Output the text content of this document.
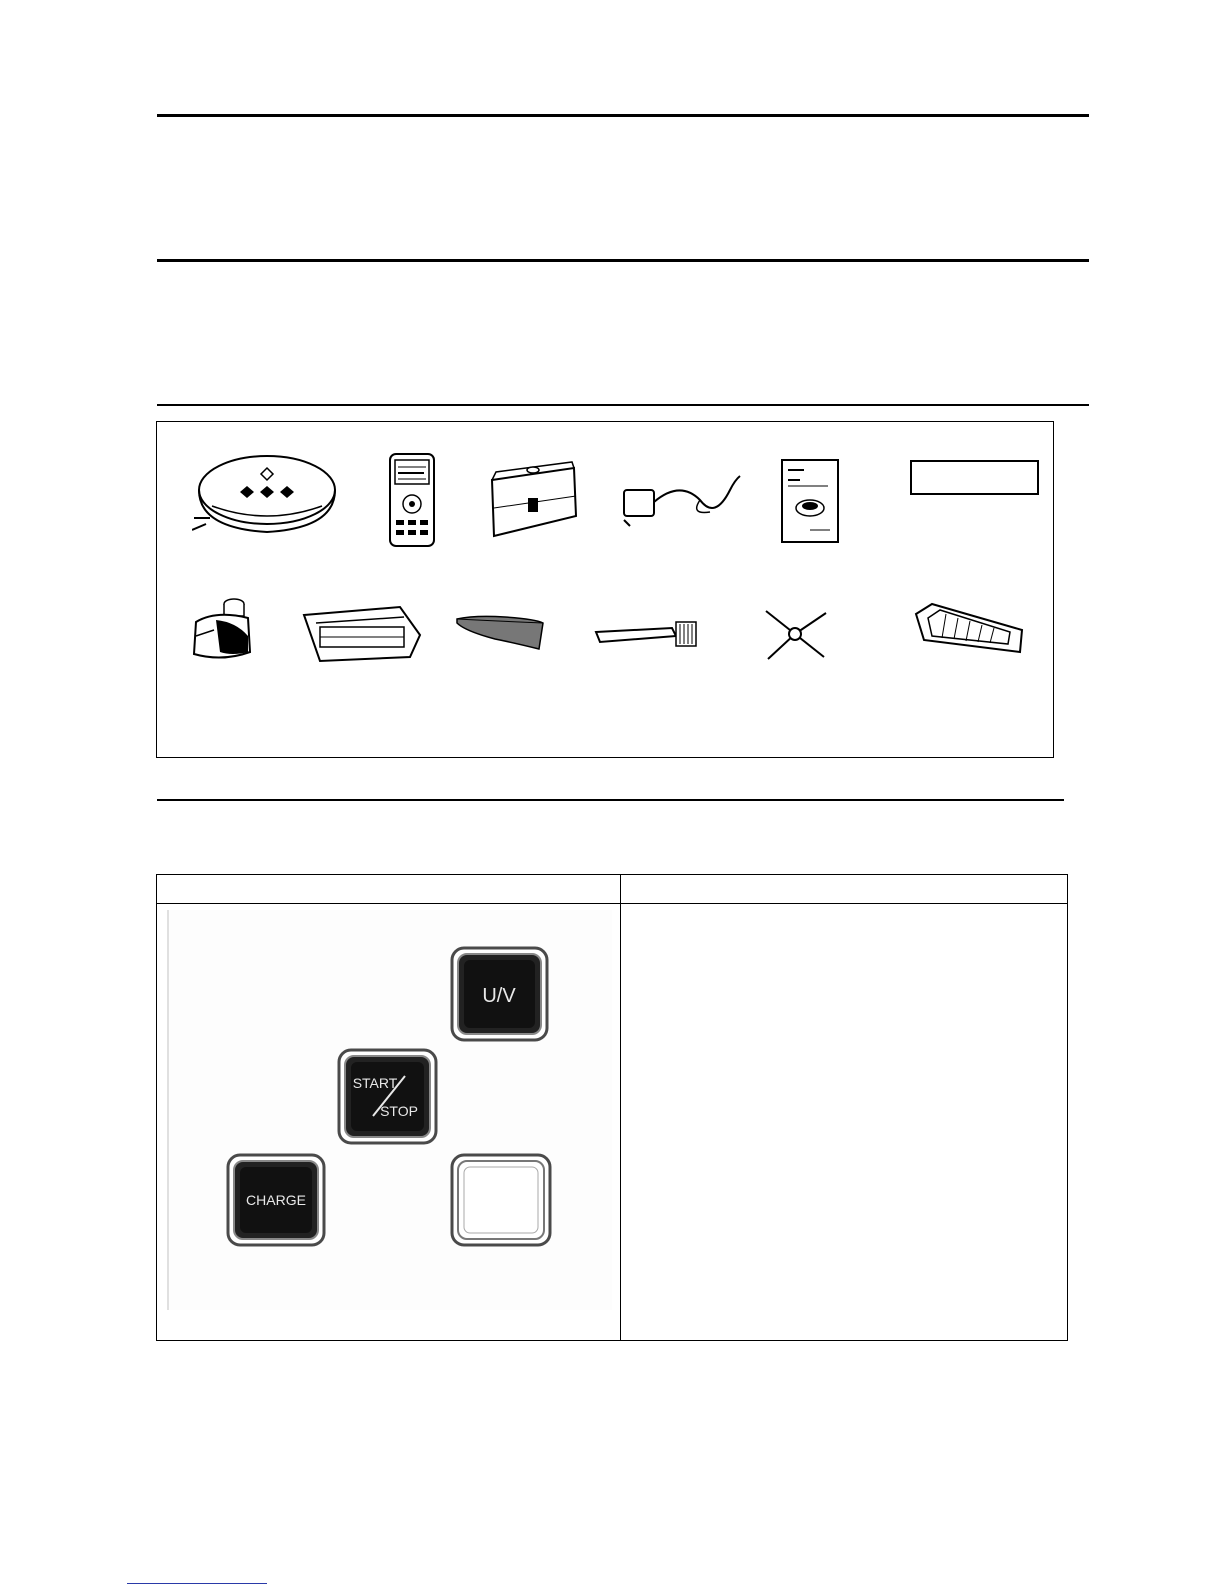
U/V
START
STOP
CHARGE
